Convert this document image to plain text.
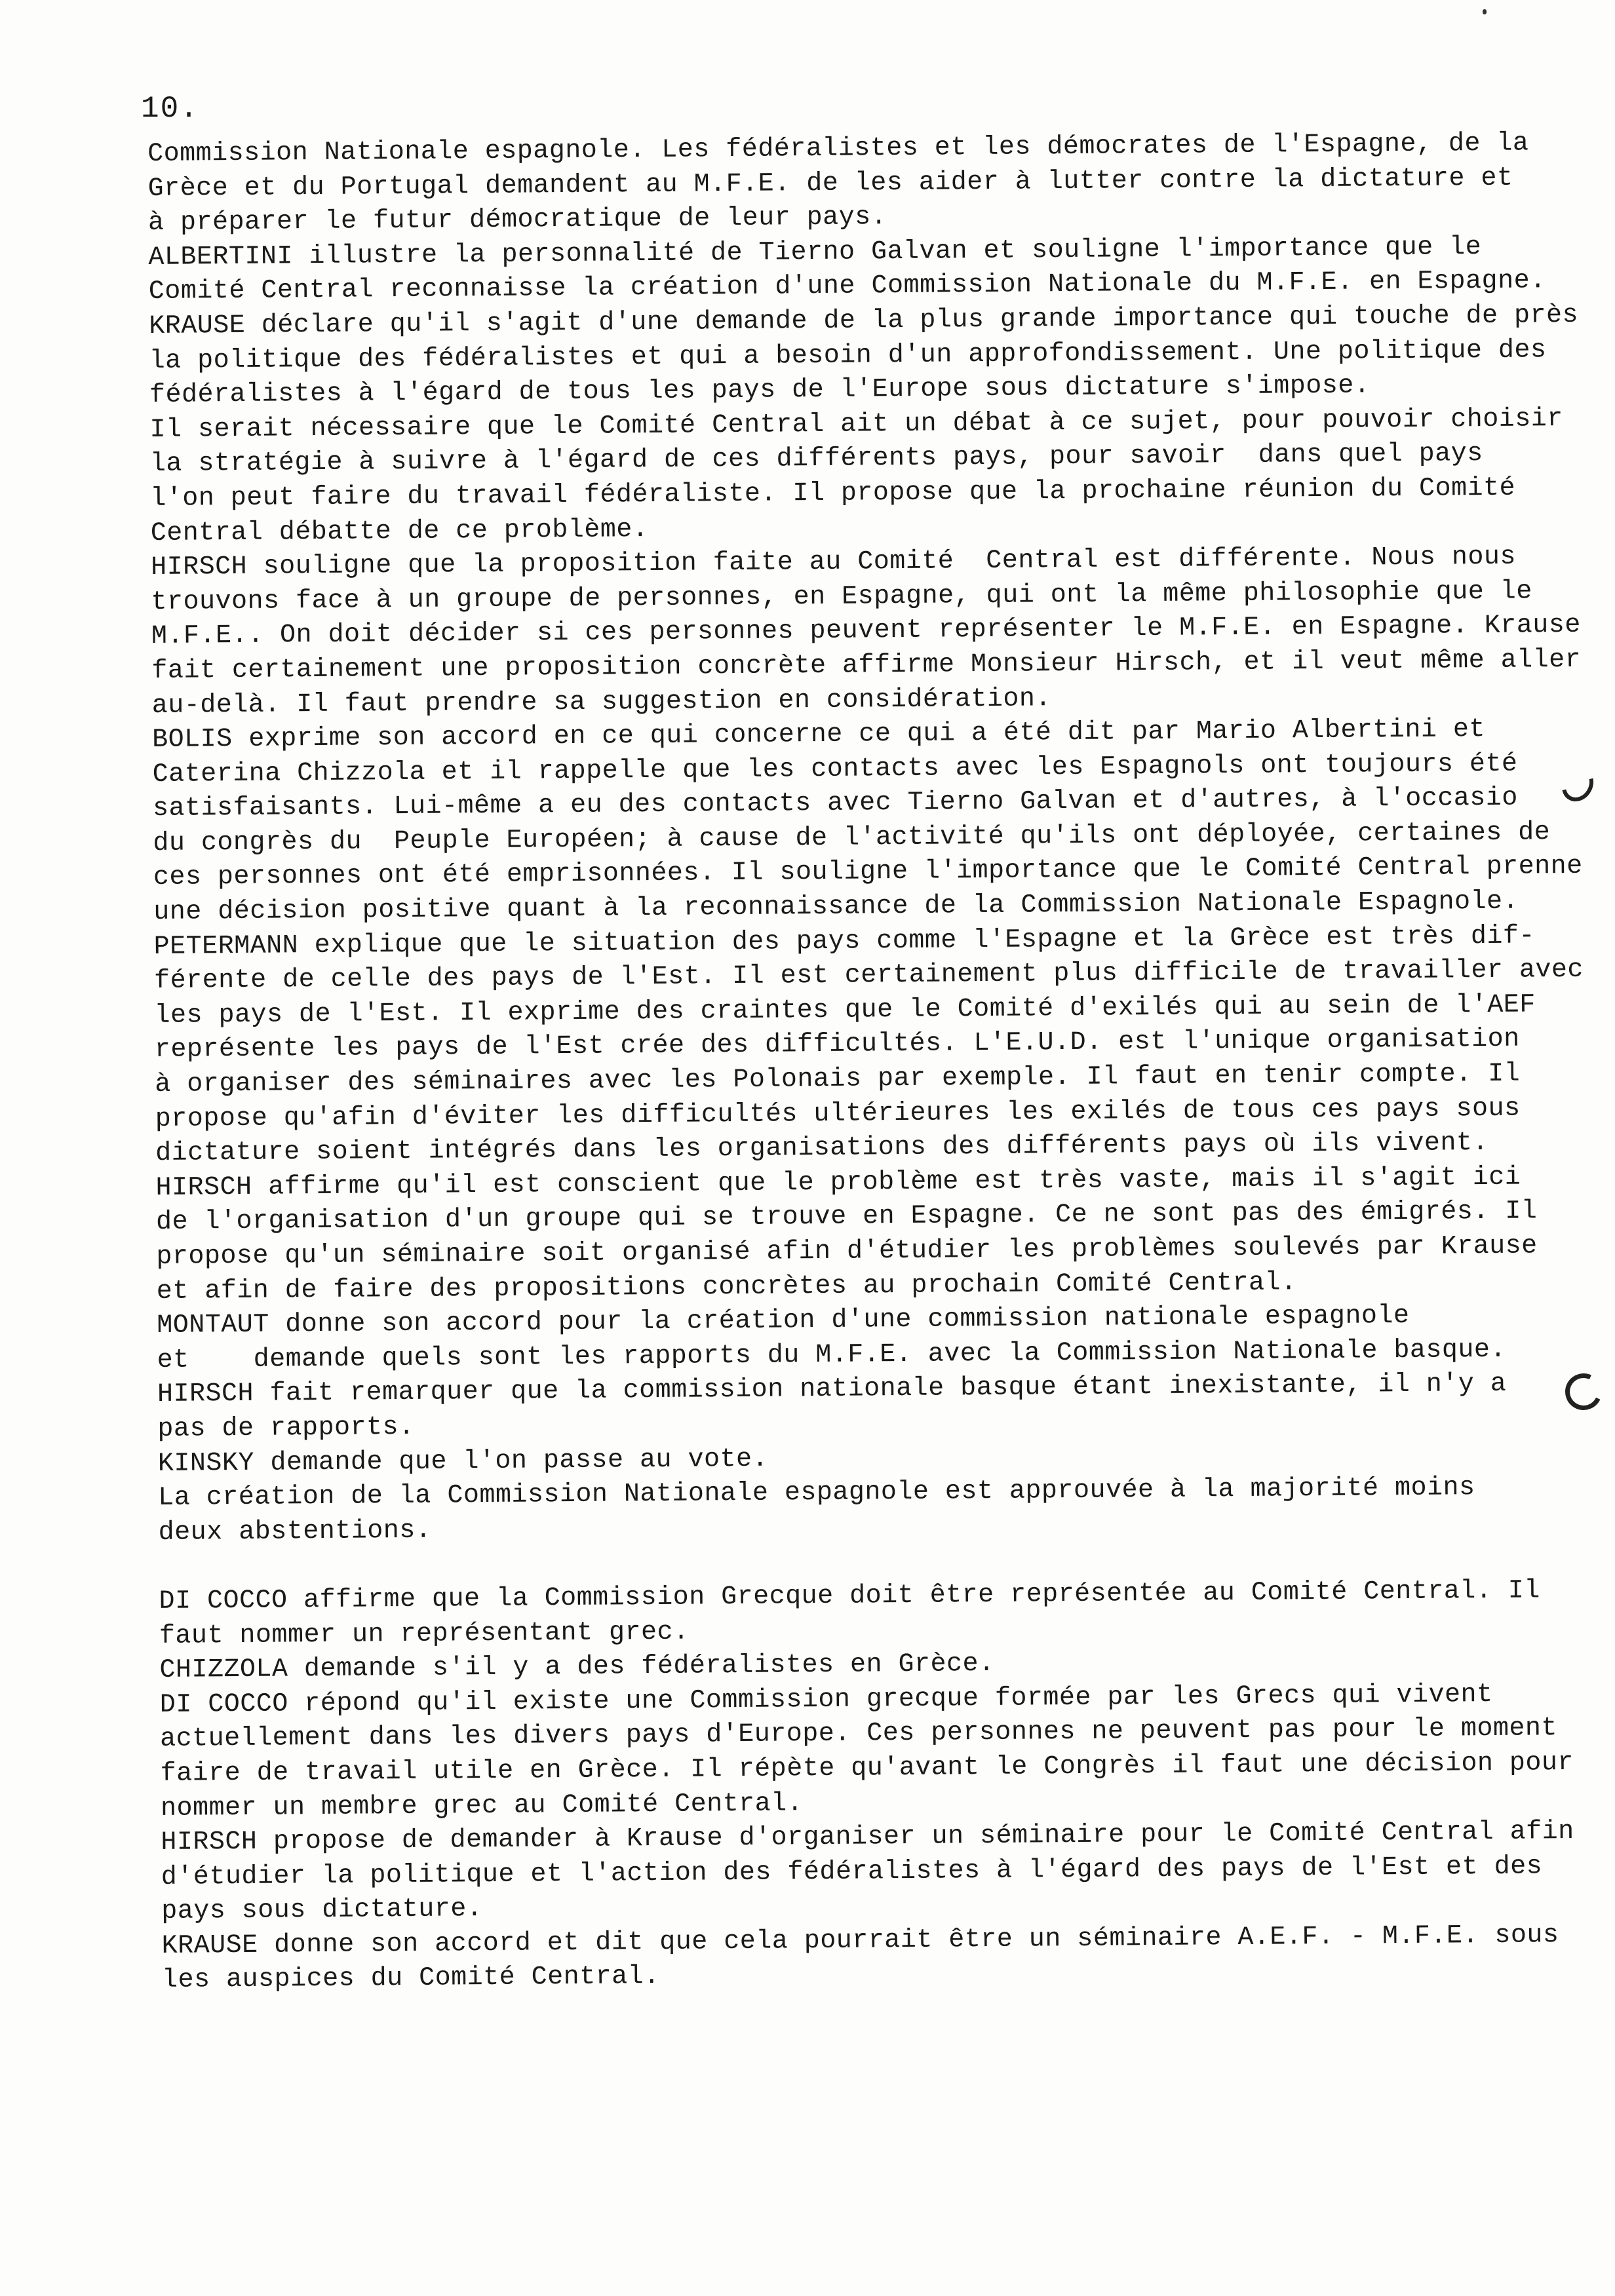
10.
Commission Nationale espagnole. Les fédéralistes et les démocrates de l'Espagne, de la
Grèce et du Portugal demandent au M.F.E. de les aider à lutter contre la dictature et
à préparer le futur démocratique de leur pays.
ALBERTINI illustre la personnalité de Tierno Galvan et souligne l'importance que le
Comité Central reconnaisse la création d'une Commission Nationale du M.F.E. en Espagne.
KRAUSE déclare qu'il s'agit d'une demande de la plus grande importance qui touche de près
la politique des fédéralistes et qui a besoin d'un approfondissement. Une politique des
fédéralistes à l'égard de tous les pays de l'Europe sous dictature s'impose.
Il serait nécessaire que le Comité Central ait un débat à ce sujet, pour pouvoir choisir
la stratégie à suivre à l'égard de ces différents pays, pour savoir  dans quel pays
l'on peut faire du travail fédéraliste. Il propose que la prochaine réunion du Comité
Central débatte de ce problème.
HIRSCH souligne que la proposition faite au Comité  Central est différente. Nous nous
trouvons face à un groupe de personnes, en Espagne, qui ont la même philosophie que le
M.F.E.. On doit décider si ces personnes peuvent représenter le M.F.E. en Espagne. Krause
fait certainement une proposition concrète affirme Monsieur Hirsch, et il veut même aller
au-delà. Il faut prendre sa suggestion en considération.
BOLIS exprime son accord en ce qui concerne ce qui a été dit par Mario Albertini et
Caterina Chizzola et il rappelle que les contacts avec les Espagnols ont toujours été
satisfaisants. Lui-même a eu des contacts avec Tierno Galvan et d'autres, à l'occasio
du congrès du  Peuple Européen; à cause de l'activité qu'ils ont déployée, certaines de
ces personnes ont été emprisonnées. Il souligne l'importance que le Comité Central prenne
une décision positive quant à la reconnaissance de la Commission Nationale Espagnole.
PETERMANN explique que le situation des pays comme l'Espagne et la Grèce est très dif-
férente de celle des pays de l'Est. Il est certainement plus difficile de travailler avec
les pays de l'Est. Il exprime des craintes que le Comité d'exilés qui au sein de l'AEF
représente les pays de l'Est crée des difficultés. L'E.U.D. est l'unique organisation
à organiser des séminaires avec les Polonais par exemple. Il faut en tenir compte. Il
propose qu'afin d'éviter les difficultés ultérieures les exilés de tous ces pays sous
dictature soient intégrés dans les organisations des différents pays où ils vivent.
HIRSCH affirme qu'il est conscient que le problème est très vaste, mais il s'agit ici
de l'organisation d'un groupe qui se trouve en Espagne. Ce ne sont pas des émigrés. Il
propose qu'un séminaire soit organisé afin d'étudier les problèmes soulevés par Krause
et afin de faire des propositions concrètes au prochain Comité Central.
MONTAUT donne son accord pour la création d'une commission nationale espagnole
et    demande quels sont les rapports du M.F.E. avec la Commission Nationale basque.
HIRSCH fait remarquer que la commission nationale basque étant inexistante, il n'y a
pas de rapports.
KINSKY demande que l'on passe au vote.
La création de la Commission Nationale espagnole est approuvée à la majorité moins
deux abstentions.
DI COCCO affirme que la Commission Grecque doit être représentée au Comité Central. Il
faut nommer un représentant grec.
CHIZZOLA demande s'il y a des fédéralistes en Grèce.
DI COCCO répond qu'il existe une Commission grecque formée par les Grecs qui vivent
actuellement dans les divers pays d'Europe. Ces personnes ne peuvent pas pour le moment
faire de travail utile en Grèce. Il répète qu'avant le Congrès il faut une décision pour
nommer un membre grec au Comité Central.
HIRSCH propose de demander à Krause d'organiser un séminaire pour le Comité Central afin
d'étudier la politique et l'action des fédéralistes à l'égard des pays de l'Est et des
pays sous dictature.
KRAUSE donne son accord et dit que cela pourrait être un séminaire A.E.F. - M.F.E. sous
les auspices du Comité Central.
